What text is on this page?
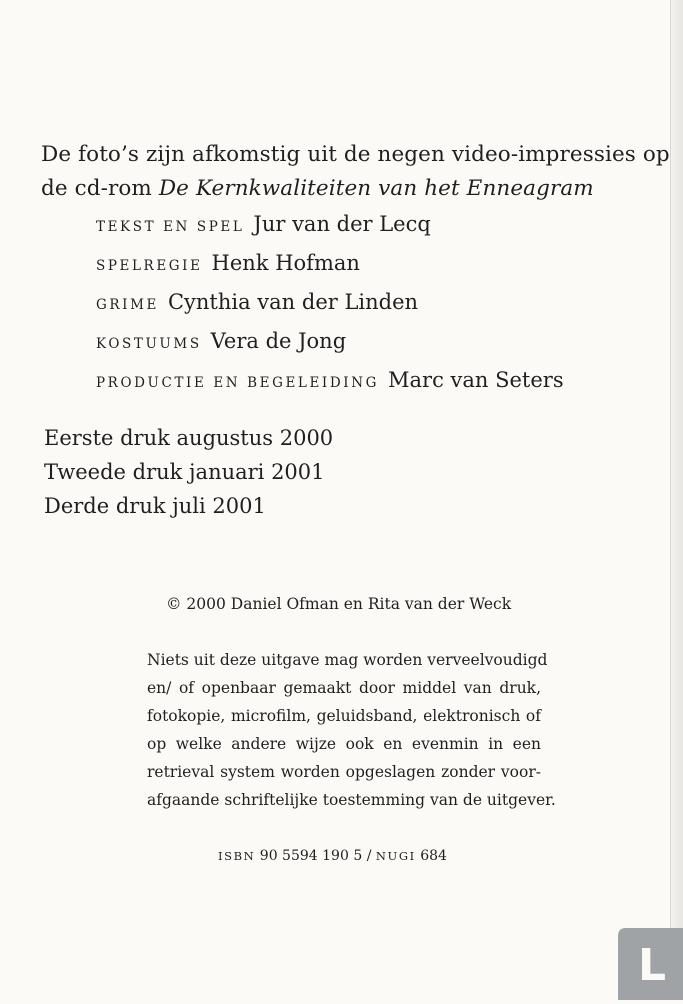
De foto’s zijn afkomstig uit de negen video-impressies op
de cd-rom De Kernkwaliteiten van het Enneagram
TEKST EN SPEL Jur van der Lecq
SPELREGIE Henk Hofman
GRIME Cynthia van der Linden
KOSTUUMS Vera de Jong
PRODUCTIE EN BEGELEIDING Marc van Seters
Eerste druk augustus 2000
Tweede druk januari 2001
Derde druk juli 2001
© 2000 Daniel Ofman en Rita van der Weck
Niets uit deze uitgave mag worden verveelvoudigd
en/ of openbaar gemaakt door middel van druk,
fotokopie, microfilm, geluidsband, elektronisch of
op welke andere wijze ook en evenmin in een
retrieval system worden opgeslagen zonder voor-
afgaande schriftelijke toestemming van de uitgever.
ISBN 90 5594 190 5 / NUGI 684
L
